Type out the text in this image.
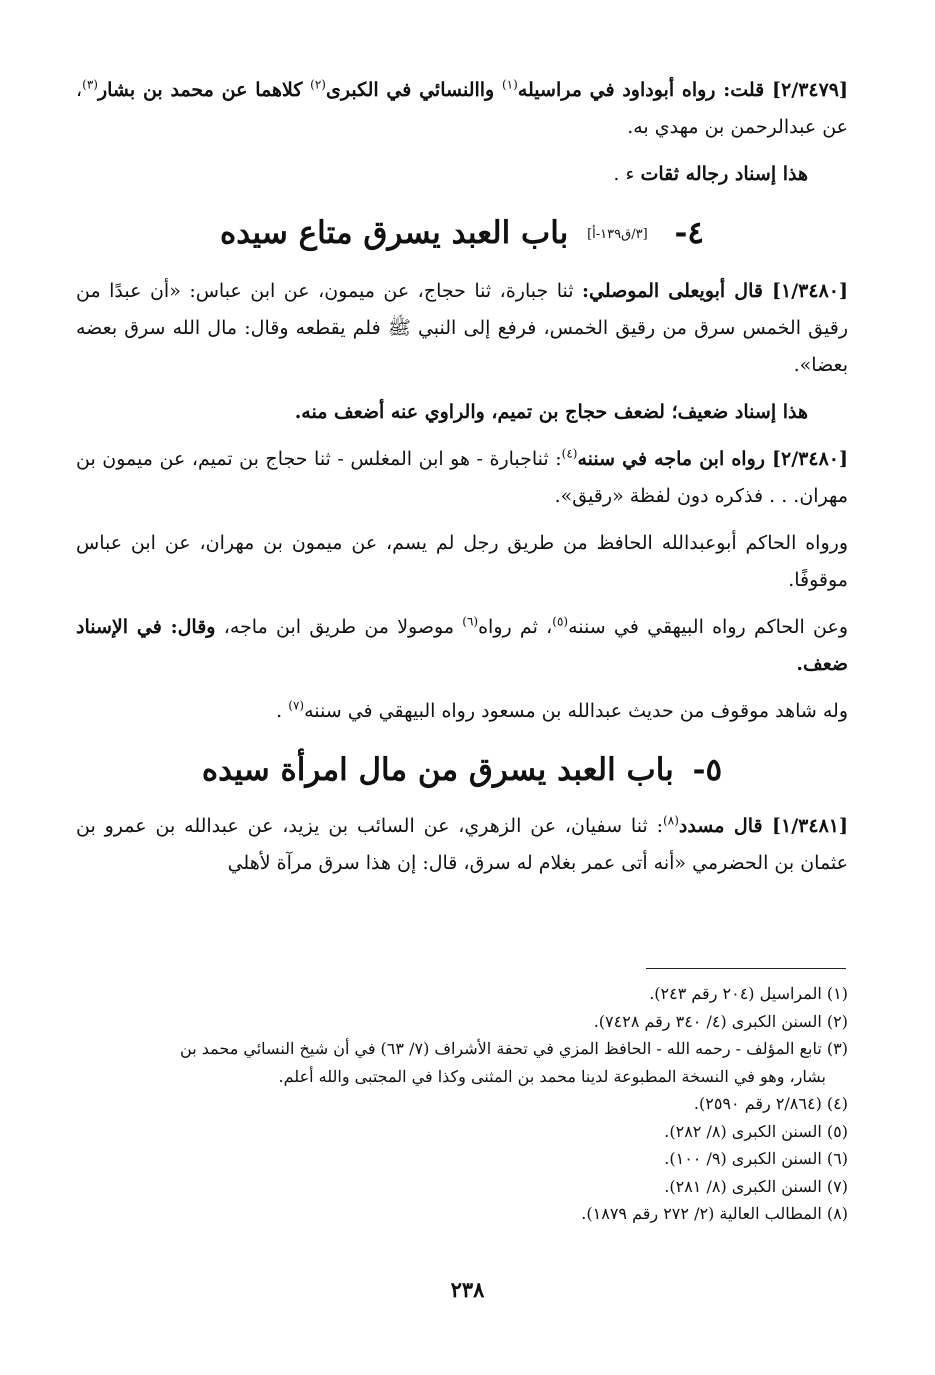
[٢/٣٤٧٩] قلت: رواه أبوداود في مراسيله$^{(١)}$ واالنسائي في الكبرى$^{(٢)}$ كلاهما عن محمد بن بشار$^{(٣)}$، عن عبدالرحمن بن مهدي به.

هذا إسناد رجاله ثقات ء .

٤- [٣/ق١٣٩-أ] باب العبد يسرق متاع سيده

[١/٣٤٨٠] قال أبويعلى الموصلي: ثنا جبارة، ثنا حجاج، عن ميمون، عن ابن عباس: «أن عبدًا من رقيق الخمس سرق من رقيق الخمس، فرفع إلى النبي ﷺ فلم يقطعه وقال: مال الله سرق بعضه بعضا».

هذا إسناد ضعيف؛ لضعف حجاج بن تميم، والراوي عنه أضعف منه.

[٢/٣٤٨٠] رواه ابن ماجه في سننه$^{(٤)}$: ثناجبارة - هو ابن المغلس - ثنا حجاج بن تميم، عن ميمون بن مهران. . . فذكره دون لفظة «رقيق».

ورواه الحاكم أبوعبدالله الحافظ من طريق رجل لم يسم، عن ميمون بن مهران، عن ابن عباس موقوفًا.

وعن الحاكم رواه البيهقي في سننه$^{(٥)}$، ثم رواه$^{(٦)}$ موصولا من طريق ابن ماجه، وقال: في الإسناد ضعف.

وله شاهد موقوف من حديث عبدالله بن مسعود رواه البيهقي في سننه$^{(٧)}$ .

٥- باب العبد يسرق من مال امرأة سيده

[١/٣٤٨١] قال مسدد$^{(٨)}$: ثنا سفيان، عن الزهري، عن السائب بن يزيد، عن عبدالله بن عمرو بن عثمان بن الحضرمي «أنه أتى عمر بغلام له سرق، قال: إن هذا سرق مرآة لأهلي

(١) المراسيل (٢٠٤ رقم ٢٤٣).

(٢) السنن الكبرى (٤/ ٣٤٠ رقم ٧٤٢٨).

(٣) تابع المؤلف - رحمه الله - الحافظ المزي في تحفة الأشراف (٧/ ٦٣) في أن شيخ النسائي محمد بن

بشار، وهو في النسخة المطبوعة لدينا محمد بن المثنى وكذا في المجتبى والله أعلم.

(٤) (٢/٨٦٤ رقم ٢٥٩٠).

(٥) السنن الكبرى (٨/ ٢٨٢).

(٦) السنن الكبرى (٩/ ١٠٠).

(٧) السنن الكبرى (٨/ ٢٨١).

(٨) المطالب العالية (٢/ ٢٧٢ رقم ١٨٧٩).

٢٣٨
